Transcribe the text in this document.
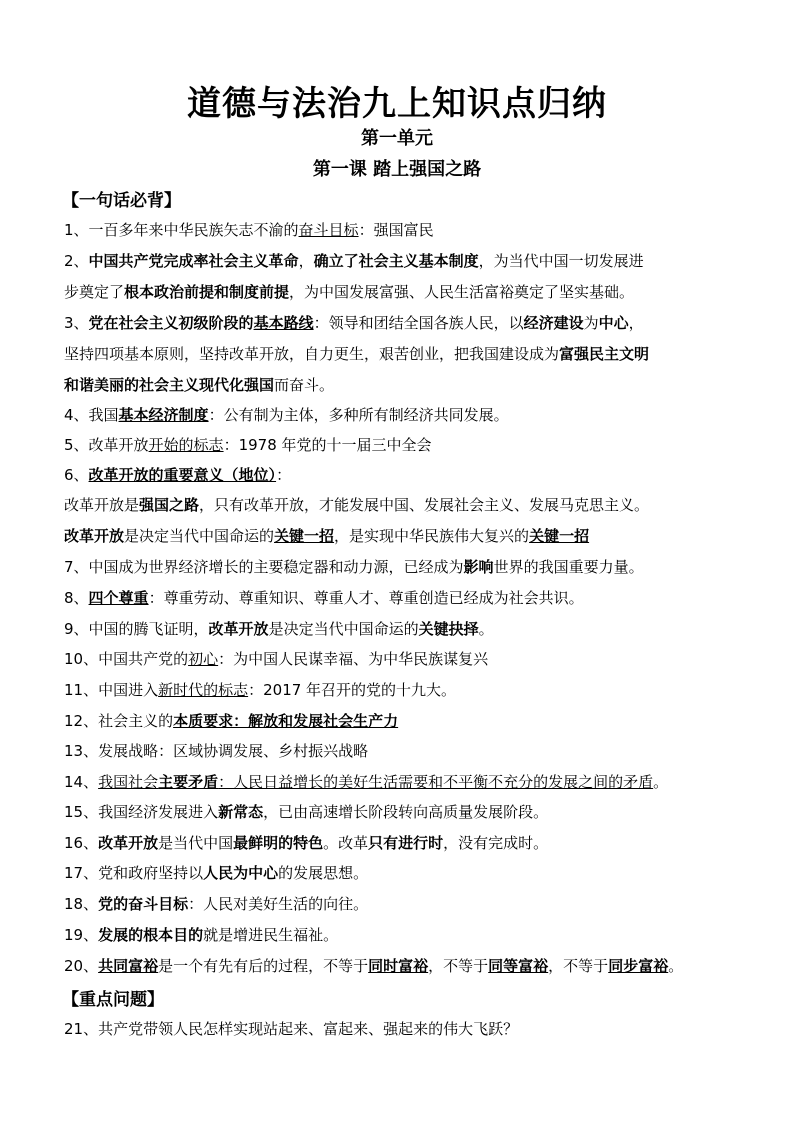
道德与法治九上知识点归纳
第一单元
第一课 踏上强国之路
【一句话必背】
1、一百多年来中华民族矢志不渝的奋斗目标：强国富民
2、中国共产党完成率社会主义革命，确立了社会主义基本制度，为当代中国一切发展进
步奠定了根本政治前提和制度前提，为中国发展富强、人民生活富裕奠定了坚实基础。
3、党在社会主义初级阶段的基本路线：领导和团结全国各族人民，以经济建设为中心，
坚持四项基本原则，坚持改革开放，自力更生，艰苦创业，把我国建设成为富强民主文明
和谐美丽的社会主义现代化强国而奋斗。
4、我国基本经济制度：公有制为主体，多种所有制经济共同发展。
5、改革开放开始的标志：1978 年党的十一届三中全会
6、改革开放的重要意义（地位）：
改革开放是强国之路，只有改革开放，才能发展中国、发展社会主义、发展马克思主义。
改革开放是决定当代中国命运的关键一招，是实现中华民族伟大复兴的关键一招
7、中国成为世界经济增长的主要稳定器和动力源，已经成为影响世界的我国重要力量。
8、四个尊重：尊重劳动、尊重知识、尊重人才、尊重创造已经成为社会共识。
9、中国的腾飞证明，改革开放是决定当代中国命运的关键抉择。
10、中国共产党的初心：为中国人民谋幸福、为中华民族谋复兴
11、中国进入新时代的标志：2017 年召开的党的十九大。
12、社会主义的本质要求：解放和发展社会生产力
13、发展战略：区域协调发展、乡村振兴战略
14、我国社会主要矛盾：人民日益增长的美好生活需要和不平衡不充分的发展之间的矛盾。
15、我国经济发展进入新常态，已由高速增长阶段转向高质量发展阶段。
16、改革开放是当代中国最鲜明的特色。改革只有进行时，没有完成时。
17、党和政府坚持以人民为中心的发展思想。
18、党的奋斗目标：人民对美好生活的向往。
19、发展的根本目的就是增进民生福祉。
20、共同富裕是一个有先有后的过程，不等于同时富裕，不等于同等富裕，不等于同步富裕。
【重点问题】
21、共产党带领人民怎样实现站起来、富起来、强起来的伟大飞跃？
